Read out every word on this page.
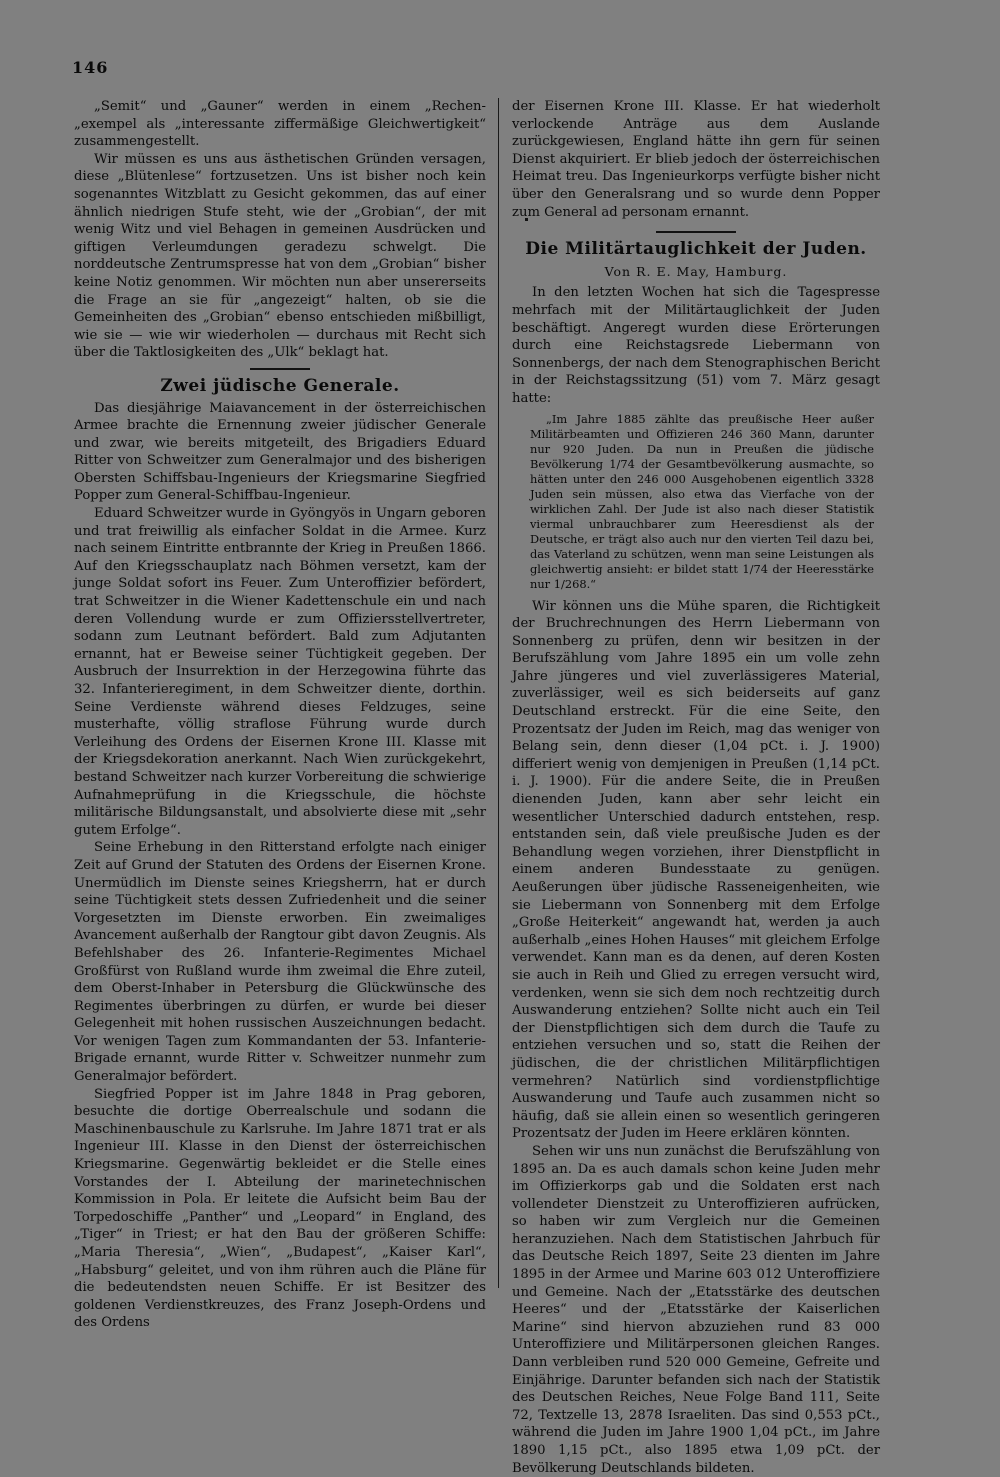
146

„Semit“ und „Gauner“ werden in einem „Rechen-„exempel als „interessante ziffermäßige Gleichwertigkeit“ zusammengestellt.

Wir müssen es uns aus ästhetischen Gründen versagen, diese „Blütenlese“ fortzusetzen. Uns ist bisher noch kein sogenanntes Witzblatt zu Gesicht gekommen, das auf einer ähnlich niedrigen Stufe steht, wie der „Grobian“, der mit wenig Witz und viel Behagen in gemeinen Ausdrücken und giftigen Verleumdungen geradezu schwelgt. Die norddeutsche Zentrumspresse hat von dem „Grobian“ bisher keine Notiz genommen. Wir möchten nun aber unsererseits die Frage an sie für „angezeigt“ halten, ob sie die Gemeinheiten des „Grobian“ ebenso entschieden mißbilligt, wie sie — wie wir wiederholen — durchaus mit Recht sich über die Taktlosigkeiten des „Ulk“ beklagt hat.

Zwei jüdische Generale.

Das diesjährige Maiavancement in der österreichischen Armee brachte die Ernennung zweier jüdischer Generale und zwar, wie bereits mitgeteilt, des Brigadiers Eduard Ritter von Schweitzer zum Generalmajor und des bisherigen Obersten Schiffsbau-Ingenieurs der Kriegsmarine Siegfried Popper zum General-Schiffbau-Ingenieur.

Eduard Schweitzer wurde in Gyöngyös in Ungarn geboren und trat freiwillig als einfacher Soldat in die Armee. Kurz nach seinem Eintritte entbrannte der Krieg in Preußen 1866. Auf den Kriegsschauplatz nach Böhmen versetzt, kam der junge Soldat sofort ins Feuer. Zum Unteroffizier befördert, trat Schweitzer in die Wiener Kadettenschule ein und nach deren Vollendung wurde er zum Offiziersstellvertreter, sodann zum Leutnant befördert. Bald zum Adjutanten ernannt, hat er Beweise seiner Tüchtigkeit gegeben. Der Ausbruch der Insurrektion in der Herzegowina führte das 32. Infanterieregiment, in dem Schweitzer diente, dorthin. Seine Verdienste während dieses Feldzuges, seine musterhafte, völlig straflose Führung wurde durch Verleihung des Ordens der Eisernen Krone III. Klasse mit der Kriegsdekoration anerkannt. Nach Wien zurückgekehrt, bestand Schweitzer nach kurzer Vorbereitung die schwierige Aufnahmeprüfung in die Kriegsschule, die höchste militärische Bildungsanstalt, und absolvierte diese mit „sehr gutem Erfolge“.

Seine Erhebung in den Ritterstand erfolgte nach einiger Zeit auf Grund der Statuten des Ordens der Eisernen Krone. Unermüdlich im Dienste seines Kriegsherrn, hat er durch seine Tüchtigkeit stets dessen Zufriedenheit und die seiner Vorgesetzten im Dienste erworben. Ein zweimaliges Avancement außerhalb der Rangtour gibt davon Zeugnis. Als Befehlshaber des 26. Infanterie-Regimentes Michael Großfürst von Rußland wurde ihm zweimal die Ehre zuteil, dem Oberst-Inhaber in Petersburg die Glückwünsche des Regimentes überbringen zu dürfen, er wurde bei dieser Gelegenheit mit hohen russischen Auszeichnungen bedacht. Vor wenigen Tagen zum Kommandanten der 53. Infanterie-Brigade ernannt, wurde Ritter v. Schweitzer nunmehr zum Generalmajor befördert.

Siegfried Popper ist im Jahre 1848 in Prag geboren, besuchte die dortige Oberrealschule und sodann die Maschinenbauschule zu Karlsruhe. Im Jahre 1871 trat er als Ingenieur III. Klasse in den Dienst der österreichischen Kriegsmarine. Gegenwärtig bekleidet er die Stelle eines Vorstandes der I. Abteilung der marinetechnischen Kommission in Pola. Er leitete die Aufsicht beim Bau der Torpedoschiffe „Panther“ und „Leopard“ in England, des „Tiger“ in Triest; er hat den Bau der größeren Schiffe: „Maria Theresia“, „Wien“, „Budapest“, „Kaiser Karl“, „Habsburg“ geleitet, und von ihm rühren auch die Pläne für die bedeutendsten neuen Schiffe. Er ist Besitzer des goldenen Verdienstkreuzes, des Franz Joseph-Ordens und des Ordens

der Eisernen Krone III. Klasse. Er hat wiederholt verlockende Anträge aus dem Auslande zurückgewiesen, England hätte ihn gern für seinen Dienst akquiriert. Er blieb jedoch der österreichischen Heimat treu. Das Ingenieurkorps verfügte bisher nicht über den Generalsrang und so wurde denn Popper zum General ad personam ernannt.

Die Militärtauglichkeit der Juden.
Von R. E. May, Hamburg.

In den letzten Wochen hat sich die Tagespresse mehrfach mit der Militärtauglichkeit der Juden beschäftigt. Angeregt wurden diese Erörterungen durch eine Reichstagsrede Liebermann von Sonnenbergs, der nach dem Stenographischen Bericht in der Reichstagssitzung (51) vom 7. März gesagt hatte:

„Im Jahre 1885 zählte das preußische Heer außer Militärbeamten und Offizieren 246 360 Mann, darunter nur 920 Juden. Da nun in Preußen die jüdische Bevölkerung 1/74 der Gesamtbevölkerung ausmachte, so hätten unter den 246 000 Ausgehobenen eigentlich 3328 Juden sein müssen, also etwa das Vierfache von der wirklichen Zahl. Der Jude ist also nach dieser Statistik viermal unbrauchbarer zum Heeresdienst als der Deutsche, er trägt also auch nur den vierten Teil dazu bei, das Vaterland zu schützen, wenn man seine Leistungen als gleichwertig ansieht: er bildet statt 1/74 der Heeresstärke nur 1/268.“

Wir können uns die Mühe sparen, die Richtigkeit der Bruchrechnungen des Herrn Liebermann von Sonnenberg zu prüfen, denn wir besitzen in der Berufszählung vom Jahre 1895 ein um volle zehn Jahre jüngeres und viel zuverlässigeres Material, zuverlässiger, weil es sich beiderseits auf ganz Deutschland erstreckt. Für die eine Seite, den Prozentsatz der Juden im Reich, mag das weniger von Belang sein, denn dieser (1,04 pCt. i. J. 1900) differiert wenig von demjenigen in Preußen (1,14 pCt. i. J. 1900). Für die andere Seite, die in Preußen dienenden Juden, kann aber sehr leicht ein wesentlicher Unterschied dadurch entstehen, resp. entstanden sein, daß viele preußische Juden es der Behandlung wegen vorziehen, ihrer Dienstpflicht in einem anderen Bundesstaate zu genügen. Aeußerungen über jüdische Rasseneigenheiten, wie sie Liebermann von Sonnenberg mit dem Erfolge „Große Heiterkeit“ angewandt hat, werden ja auch außerhalb „eines Hohen Hauses“ mit gleichem Erfolge verwendet. Kann man es da denen, auf deren Kosten sie auch in Reih und Glied zu erregen versucht wird, verdenken, wenn sie sich dem noch rechtzeitig durch Auswanderung entziehen? Sollte nicht auch ein Teil der Dienstpflichtigen sich dem durch die Taufe zu entziehen versuchen und so, statt die Reihen der jüdischen, die der christlichen Militärpflichtigen vermehren? Natürlich sind vordienstpflichtige Auswanderung und Taufe auch zusammen nicht so häufig, daß sie allein einen so wesentlich geringeren Prozentsatz der Juden im Heere erklären könnten.

Sehen wir uns nun zunächst die Berufszählung von 1895 an. Da es auch damals schon keine Juden mehr im Offizierkorps gab und die Soldaten erst nach vollendeter Dienstzeit zu Unteroffizieren aufrücken, so haben wir zum Vergleich nur die Gemeinen heranzuziehen. Nach dem Statistischen Jahrbuch für das Deutsche Reich 1897, Seite 23 dienten im Jahre 1895 in der Armee und Marine 603 012 Unteroffiziere und Gemeine. Nach der „Etatsstärke des deutschen Heeres“ und der „Etatsstärke der Kaiserlichen Marine“ sind hiervon abzuziehen rund 83 000 Unteroffiziere und Militärpersonen gleichen Ranges. Dann verbleiben rund 520 000 Gemeine, Gefreite und Einjährige. Darunter befanden sich nach der Statistik des Deutschen Reiches, Neue Folge Band 111, Seite 72, Textzelle 13, 2878 Israeliten. Das sind 0,553 pCt., während die Juden im Jahre 1900 1,04 pCt., im Jahre 1890 1,15 pCt., also 1895 etwa 1,09 pCt. der Bevölkerung Deutschlands bildeten.
